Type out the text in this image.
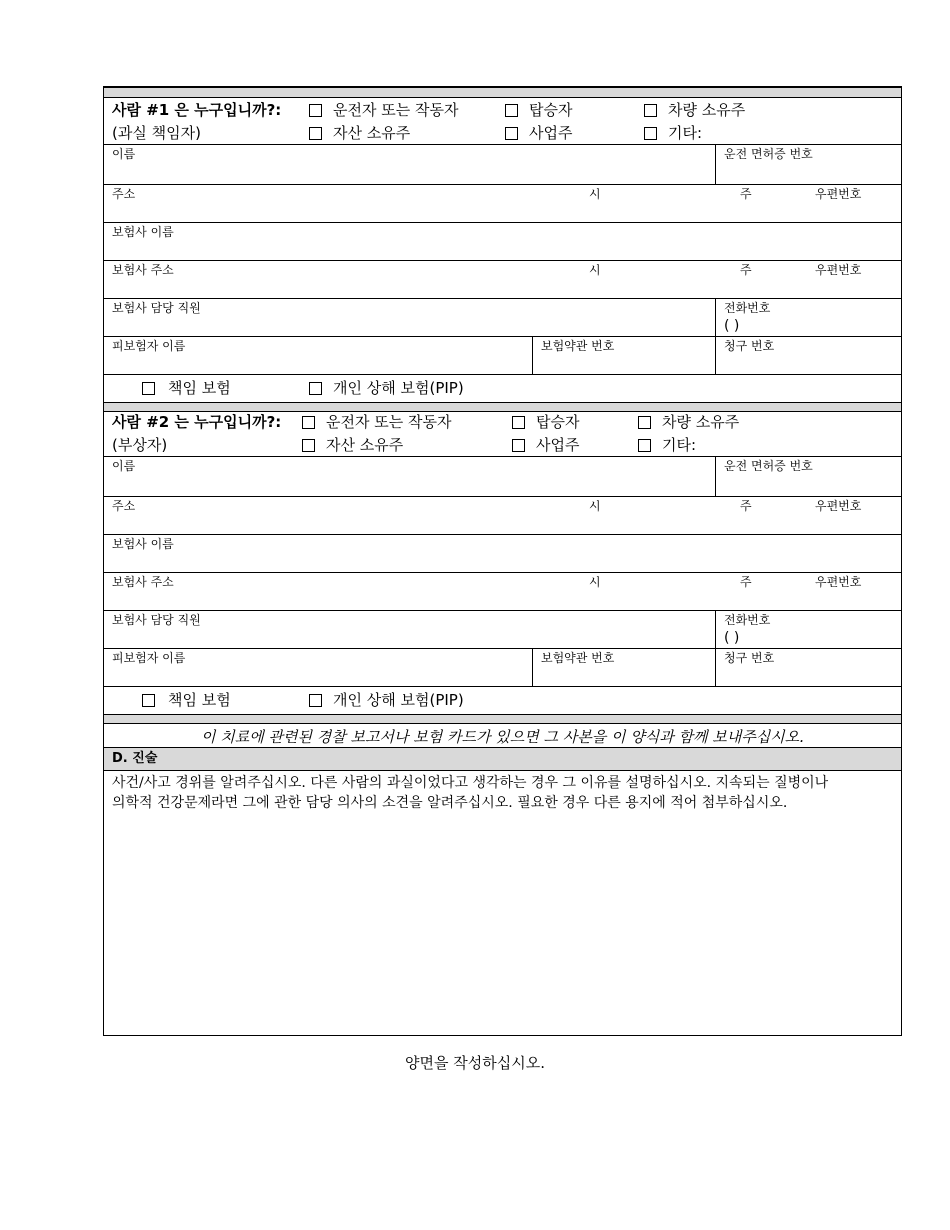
사람 #1 은 누구입니까?:
(과실 책임자)
운전자 또는 작동자	탑승자	차량 소유주
자산 소유주	사업주	기타:
이름	운전 면허증 번호
주소	시	주	우편번호
보험사 이름
보험사 주소	시	주	우편번호
보험사 담당 직원	전화번호
( )
피보험자 이름	보험약관 번호	청구 번호
책임 보험	개인 상해 보험(PIP)
사람 #2 는 누구입니까?:
(부상자)
운전자 또는 작동자	탑승자	차량 소유주
자산 소유주	사업주	기타:
이름	운전 면허증 번호
주소	시	주	우편번호
보험사 이름
보험사 주소	시	주	우편번호
보험사 담당 직원	전화번호
( )
피보험자 이름	보험약관 번호	청구 번호
책임 보험	개인 상해 보험(PIP)
이 치료에 관련된 경찰 보고서나 보험 카드가 있으면 그 사본을 이 양식과 함께 보내주십시오.
D. 진술
사건/사고 경위를 알려주십시오. 다른 사람의 과실이었다고 생각하는 경우 그 이유를 설명하십시오. 지속되는 질병이나
의학적 건강문제라면 그에 관한 담당 의사의 소견을 알려주십시오. 필요한 경우 다른 용지에 적어 첨부하십시오.
양면을 작성하십시오.
